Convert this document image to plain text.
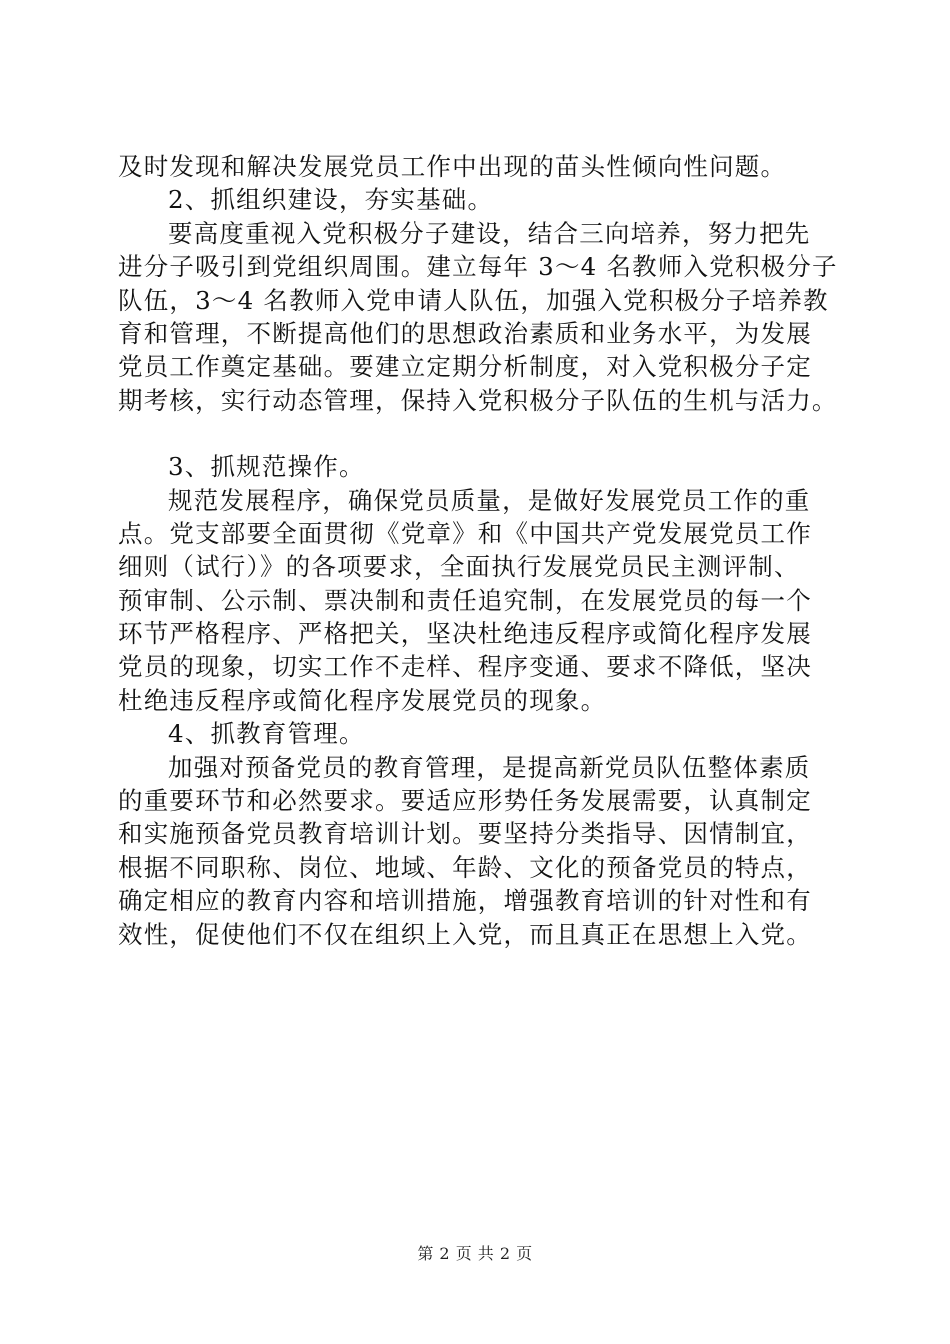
及时发现和解决发展党员工作中出现的苗头性倾向性问题。
2、抓组织建设，夯实基础。
要高度重视入党积极分子建设，结合三向培养，努力把先
进分子吸引到党组织周围。建立每年 3～4 名教师入党积极分子
队伍，3～4 名教师入党申请人队伍，加强入党积极分子培养教
育和管理，不断提高他们的思想政治素质和业务水平，为发展
党员工作奠定基础。要建立定期分析制度，对入党积极分子定
期考核，实行动态管理，保持入党积极分子队伍的生机与活力。
3、抓规范操作。
规范发展程序，确保党员质量，是做好发展党员工作的重
点。党支部要全面贯彻《党章》和《中国共产党发展党员工作
细则（试行）》的各项要求，全面执行发展党员民主测评制、
预审制、公示制、票决制和责任追究制，在发展党员的每一个
环节严格程序、严格把关，坚决杜绝违反程序或简化程序发展
党员的现象，切实工作不走样、程序变通、要求不降低，坚决
杜绝违反程序或简化程序发展党员的现象。
4、抓教育管理。
加强对预备党员的教育管理，是提高新党员队伍整体素质
的重要环节和必然要求。要适应形势任务发展需要，认真制定
和实施预备党员教育培训计划。要坚持分类指导、因情制宜，
根据不同职称、岗位、地域、年龄、文化的预备党员的特点，
确定相应的教育内容和培训措施，增强教育培训的针对性和有
效性，促使他们不仅在组织上入党，而且真正在思想上入党。
第 2 页 共 2 页
